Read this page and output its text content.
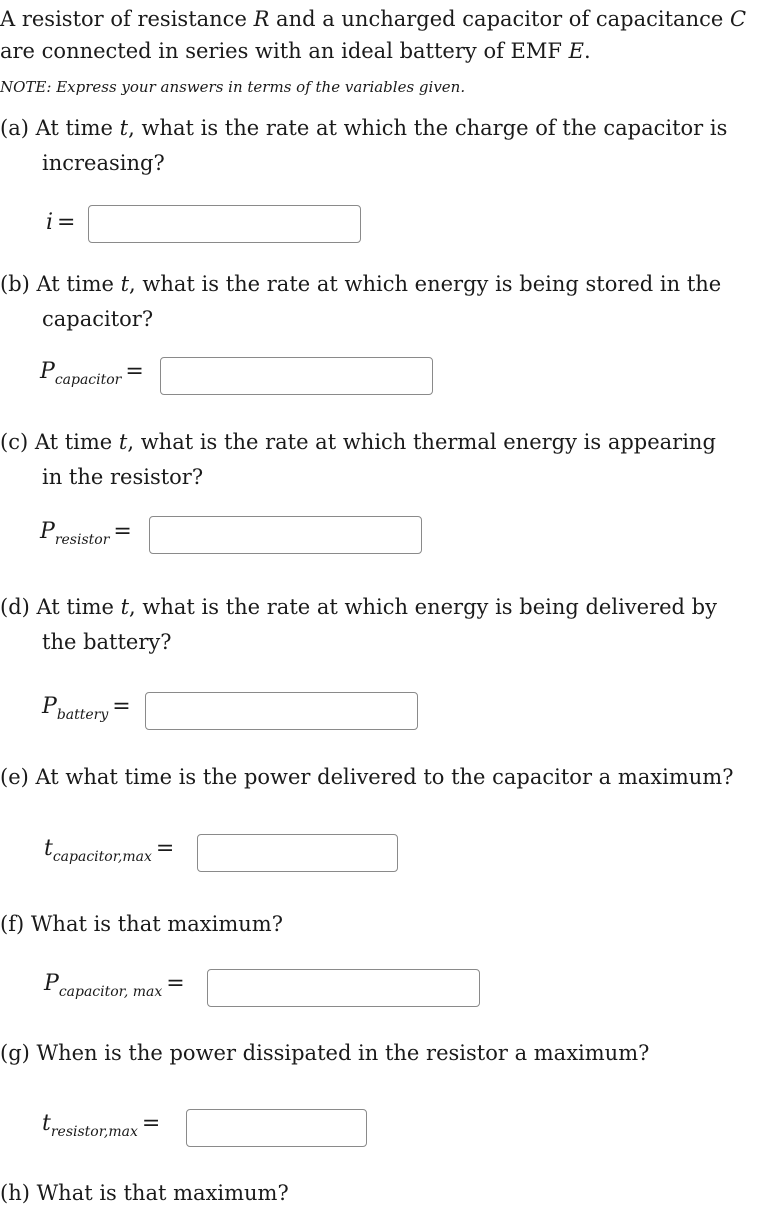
A resistor of resistance R and a uncharged capacitor of capacitance C
are connected in series with an ideal battery of EMF E.
NOTE: Express your answers in terms of the variables given.
(a) At time t, what is the rate at which the charge of the capacitor is
increasing?
i =
(b) At time t, what is the rate at which energy is being stored in the
capacitor?
$P_{capacitor}$ =
(c) At time t, what is the rate at which thermal energy is appearing
in the resistor?
$P_{resistor}$ =
(d) At time t, what is the rate at which energy is being delivered by
the battery?
$P_{battery}$ =
(e) At what time is the power delivered to the capacitor a maximum?
$t_{capacitor,max}$ =
(f) What is that maximum?
$P_{capacitor, max}$ =
(g) When is the power dissipated in the resistor a maximum?
$t_{resistor,max}$ =
(h) What is that maximum?
